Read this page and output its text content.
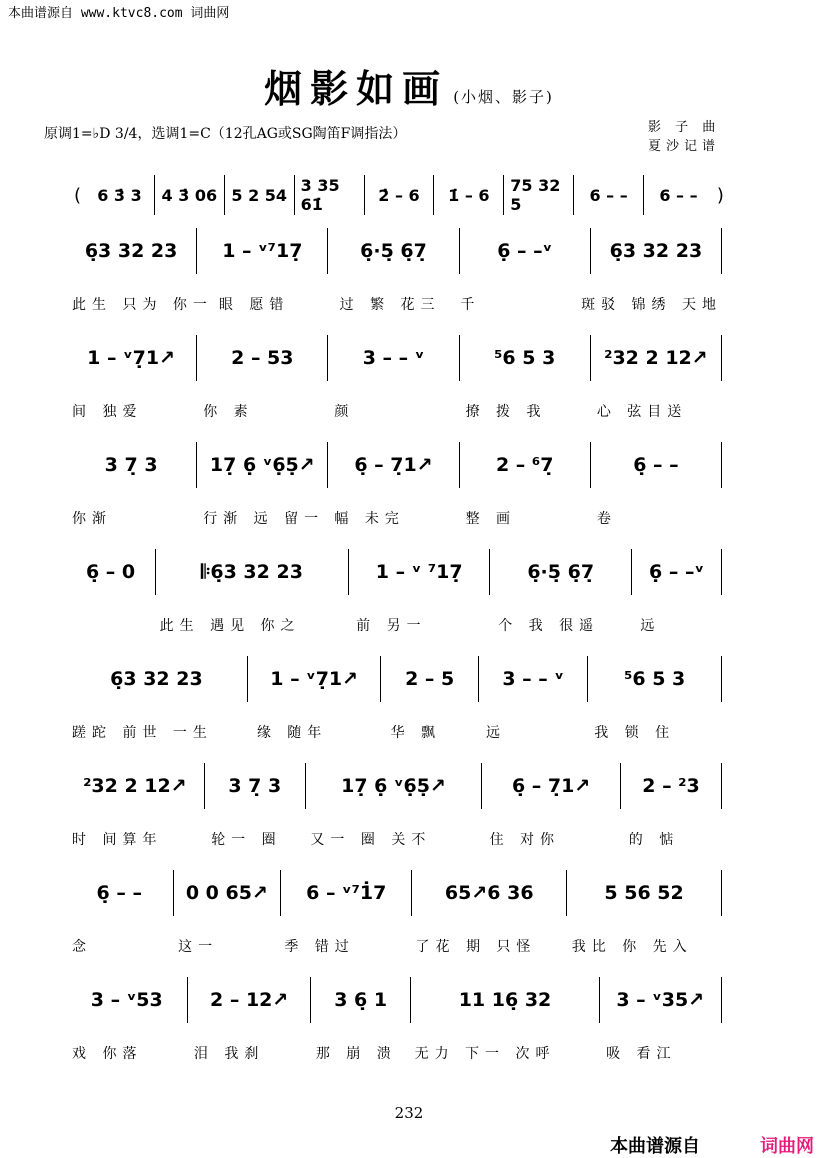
本曲谱源自 www.ktvc8.com 词曲网
烟影如画 (小烟、影子)
原调1=♭D 3/4，选调1=C（12孔AG或SG陶笛F调指法）	影 子 曲
夏沙记谱
(	6 3̇ 3	4 3̇ 06 5 2 54 3 35 61̇	2̇ – 6	1̇ – 6	75 32 5	6 – –	6 – –	)
6̣3 32 23	1 – ᵛ⁷17̣	6̣·5̣ 6̣7̣	6̣ – –ᵛ	6̣3 32 23
此生 只为 你一 眼 愿错	过 繁 花三	千	斑驳 锦绣 天地
1 – ᵛ7̣1↗	2 – 53	3 – – ᵛ	⁵6 5 3	²32 2 12↗
间 独爱	你 素	颜	撩 拨 我	心 弦目送
3 7̣ 3	17̣ 6̣ ᵛ6̣5̣↗	6̣ – 7̣1↗	2 – ⁶7̣	6̣ – –
你渐	行渐 远 留一 幅 未完	整 画	卷
6̣ – 0	𝄆6̣3 32 23	1 – ᵛ ⁷17̣	6̣·5̣ 6̣7̣	6̣ – –ᵛ
此生 遇见 你之	前 另一	个 我 很遥	远
6̣3 32 23	1 – ᵛ7̣1↗	2 – 5	3 – – ᵛ	⁵6 5 3
蹉跎 前世 一生	缘 随年	华 飘	远	我 锁 住
²32 2 12↗	3 7̣ 3	17̣ 6̣ ᵛ6̣5̣↗	6̣ – 7̣1↗	2 – ²3
时 间算年	轮一 圈	又一 圈 关不	住 对你	的 惦
6̣ – –	0 0 65↗	6 – ᵛ⁷1̇7	65↗6 36	5 56 52
念	这一	季 错过	了花 期 只怪	我比 你 先入
3 – ᵛ53	2 – 12↗	3 6̣ 1	11 16̣ 32	3 – ᵛ35↗
戏 你落	泪 我刹	那 崩 溃	无力 下一 次呼	吸 看江
232
本曲谱源自	词曲网
